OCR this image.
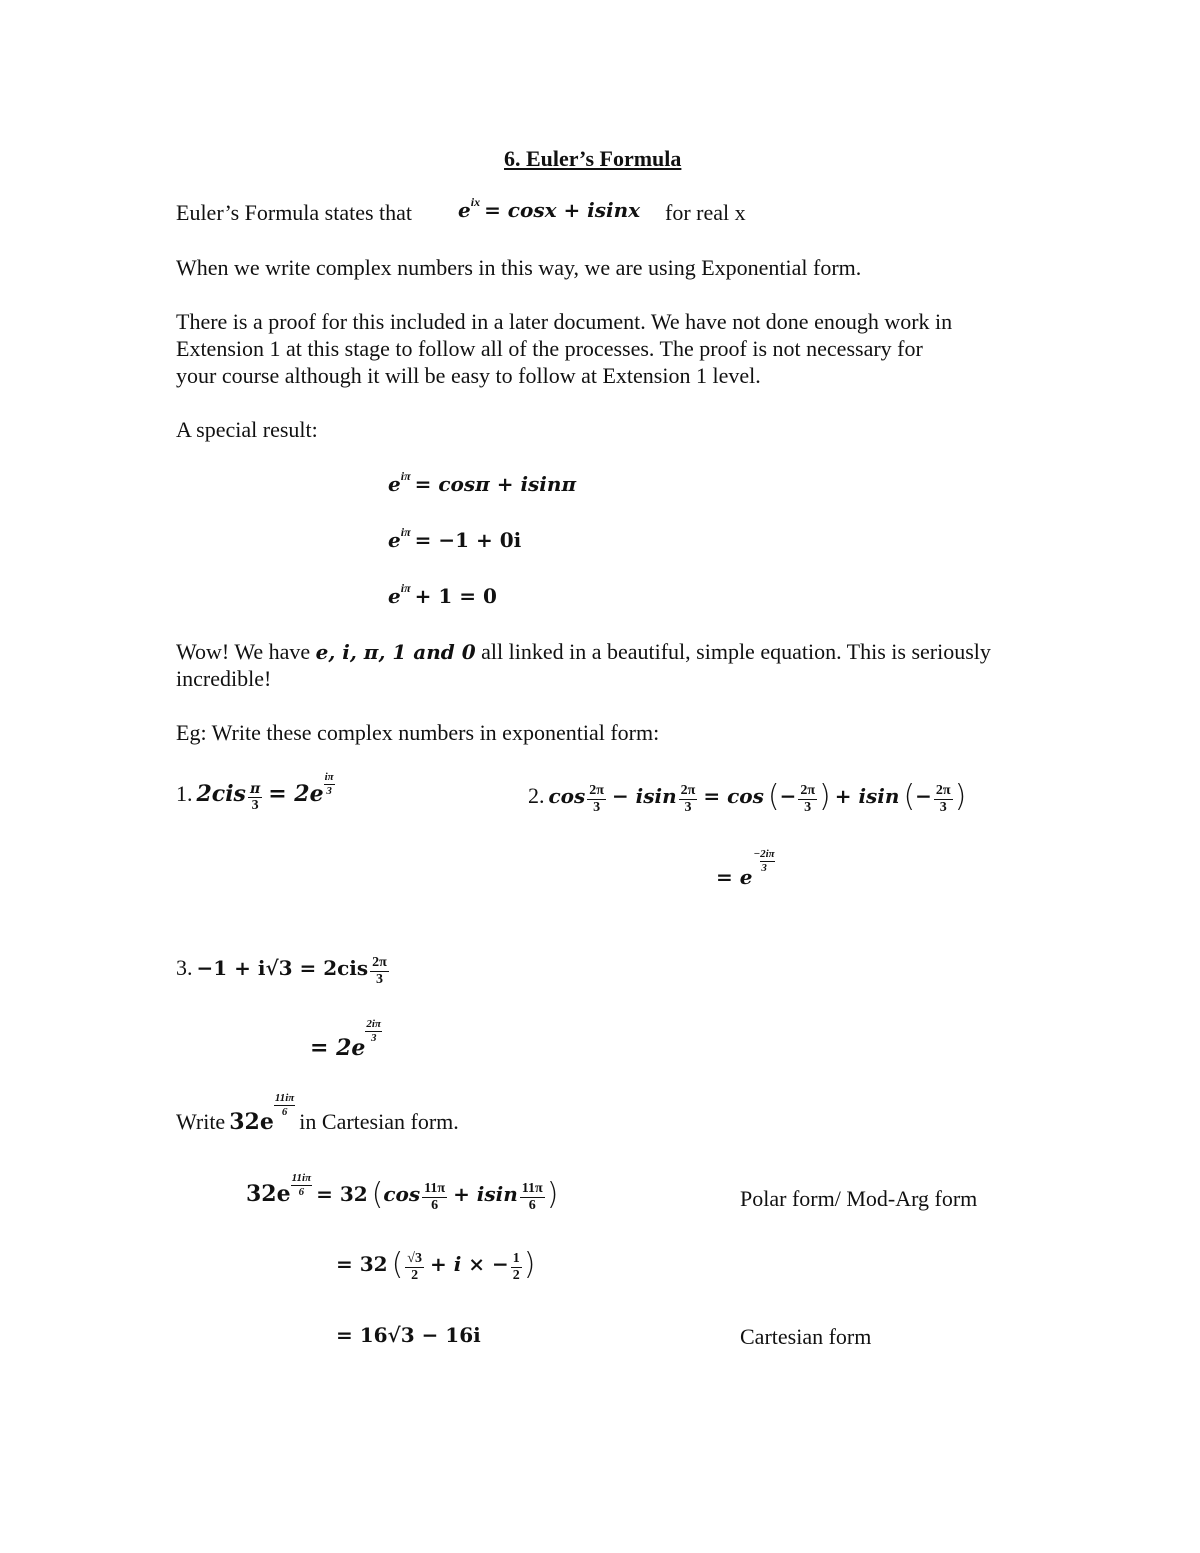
6. Euler’s Formula
Euler’s Formula states that $e^{ix} = \cos x + isinx$ for real x
When we write complex numbers in this way, we are using Exponential form.
There is a proof for this included in a later document. We have not done enough work in
Extension 1 at this stage to follow all of the processes. The proof is not necessary for
your course although it will be easy to follow at Extension 1 level.
A special result:
$e^{i\pi} = \cos\pi + isin\pi$
$e^{i\pi} = -1 + 0i$
$e^{i\pi} + 1 = 0$
Wow! We have e, i, π, 1 and 0 all linked in a beautiful, simple equation. This is seriously
incredible!
Eg: Write these complex numbers in exponential form:
1. $2cis \frac{\pi}{3} = 2e \frac{i\pi}{3}$	2. $\cos \frac{2\pi}{3} - isin \frac{2\pi}{3} = \cos$ (− $\frac{2\pi}{3}$ ) + isin (− $\frac{2\pi}{3}$ )
= e
−2iπ
3
3. $-1 + i√3 = 2cis \frac{2\pi}{3}$
= 2e
$\frac{2i\pi}{3}$
Write 32e
$\frac{11i\pi}{6}$
in Cartesian form.
$32e \frac{11i\pi}{6} = 32$ ($\cos \frac{11\pi}{6} + isin \frac{11\pi}{6}$ )	Polar form/ Mod-Arg form
= 32 ( $\frac{√3}{2} + i$ × − $\frac{1}{2}$ )
= 16√3 − 16i	Cartesian form
